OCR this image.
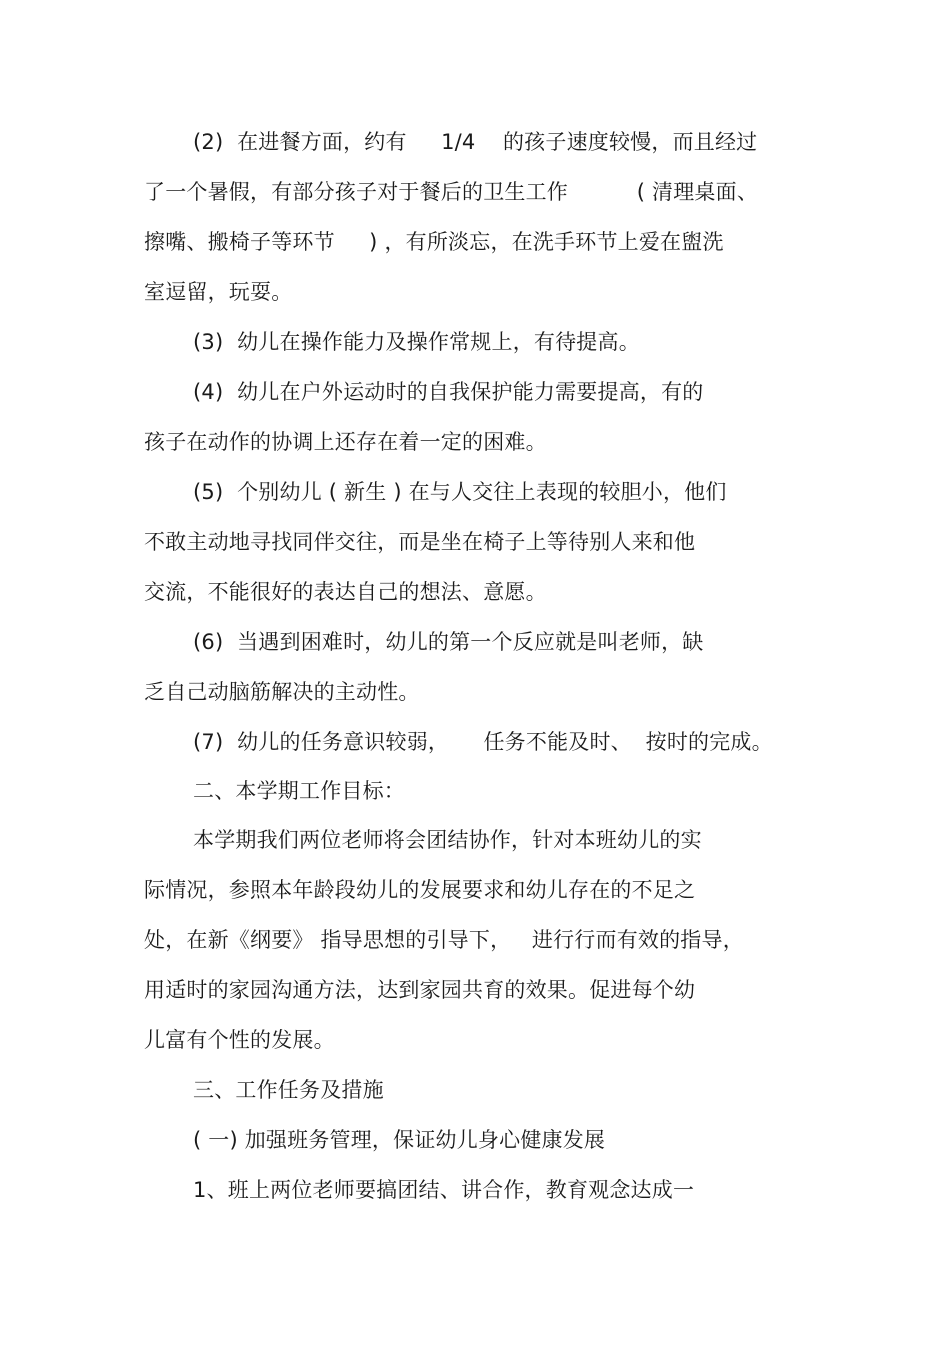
(2)  在进餐方面，约有     1/4    的孩子速度较慢，而且经过
了一个暑假，有部分孩子对于餐后的卫生工作          ( 清理桌面、
擦嘴、搬椅子等环节     ) ，有所淡忘，在洗手环节上爱在盥洗
室逗留，玩耍。
(3)  幼儿在操作能力及操作常规上，有待提高。
(4)  幼儿在户外运动时的自我保护能力需要提高，有的
孩子在动作的协调上还存在着一定的困难。
(5)  个别幼儿 ( 新生 ) 在与人交往上表现的较胆小，他们
不敢主动地寻找同伴交往，而是坐在椅子上等待别人来和他
交流，不能很好的表达自己的想法、意愿。
(6)  当遇到困难时，幼儿的第一个反应就是叫老师，缺
乏自己动脑筋解决的主动性。
(7)  幼儿的任务意识较弱，     任务不能及时、  按时的完成。
二、本学期工作目标：
本学期我们两位老师将会团结协作，针对本班幼儿的实
际情况，参照本年龄段幼儿的发展要求和幼儿存在的不足之
处，在新《纲要》 指导思想的引导下，   进行行而有效的指导，
用适时的家园沟通方法，达到家园共育的效果。促进每个幼
儿富有个性的发展。
三、工作任务及措施
( 一) 加强班务管理，保证幼儿身心健康发展
1、班上两位老师要搞团结、讲合作，教育观念达成一
